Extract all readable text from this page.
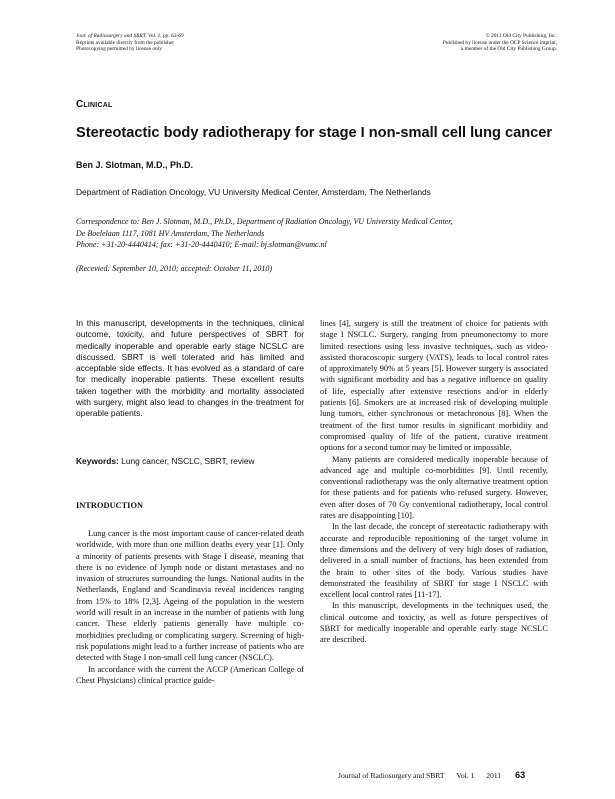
Jour. of Radiosurgery and SBRT, Vol. 1, pp. 63-69
Reprints available directly from the publisher
Photocopying permitted by license only
© 2011 Old City Publishing, Inc.
Published by license under the OCP Science imprint,
a member of the Old City Publishing Group.
Clinical
Stereotactic body radiotherapy for stage I non-small cell lung cancer
Ben J. Slotman, M.D., Ph.D.
Department of Radiation Oncology, VU University Medical Center, Amsterdam, The Netherlands
Correspondence to: Ben J. Slotman, M.D., Ph.D., Department of Radiation Oncology, VU University Medical Center,
De Boelelaan 1117, 1081 HV Amsterdam, The Netherlands
Phone: +31-20-4440414; fax: +31-20-4440410; E-mail: bj.slotman@vumc.nl
(Recevied: September 10, 2010; accepted: October 11, 2010)
In this manuscript, developments in the techniques, clinical outcome, toxicity, and future perspectives of SBRT for medically inoperable and operable early stage NCSLC are discussed. SBRT is well tolerated and has limited and acceptable side effects. It has evolved as a standard of care for medically inoperable patients. These excellent results taken together with the morbidity and mortality associated with surgery, might also lead to changes in the treatment for operable patients.
Keywords: Lung cancer, NSCLC, SBRT, review
INTRODUCTION

Lung cancer is the most important cause of cancer-related death worldwide, with more than one million deaths every year [1]. Only a minority of patients presents with Stage I disease, meaning that there is no evidence of lymph node or distant metastases and no invasion of structures surrounding the lungs. National audits in the Netherlands, England and Scandinavia reveal incidences ranging from 15% to 18% [2,3]. Ageing of the population in the western world will result in an increase in the number of patients with lung cancer. These elderly patients generally have multiple co-morbidities precluding or complicating surgery. Screening of high-risk populations might lead to a further increase of patients who are detected with Stage I non-small cell lung cancer (NSCLC).

In accordance with the current the ACCP (American College of Chest Physicians) clinical practice guide-

lines [4], surgery is still the treatment of choice for patients with stage I NSCLC. Surgery, ranging from pneumonectomy to more limited resections using less invasive techniques, such as video-assisted thoracoscopic surgery (VATS), leads to local control rates of approximately 90% at 5 years [5]. However surgery is associated with significant morbidity and has a negative influence on quality of life, especially after extensive resections and/or in elderly patients [6]. Smokers are at increased risk of developing multiple lung tumors, either synchronous or metachronous [8]. When the treatment of the first tumor results in significant morbidity and compromised quality of life of the patient, curative treatment options for a second tumor may be limited or impossible.

Many patients are considered medically inoperable because of advanced age and multiple co-morbidities [9]. Until recently, conventional radiotherapy was the only alternative treatment option for these patients and for patients who refused surgery. However, even after doses of 70 Gy conventional radiotherapy, local control rates are disappointing [10].

In the last decade, the concept of stereotactic radiotherapy with accurate and reproducible repositioning of the target volume in three dimensions and the delivery of very high doses of radiation, delivered in a small number of fractions, has been extended from the brain to other sites of the body. Various studies have demonstrated the feasibility of SBRT for stage I NSCLC with excellent local control rates [11-17].

In this manuscript, developments in the techniques used, the clinical outcome and toxicity, as well as future perspectives of SBRT for medically inoperable and operable early stage NCSLC are described.

Journal of Radiosurgery and SBRT Vol. 1 2011 63
